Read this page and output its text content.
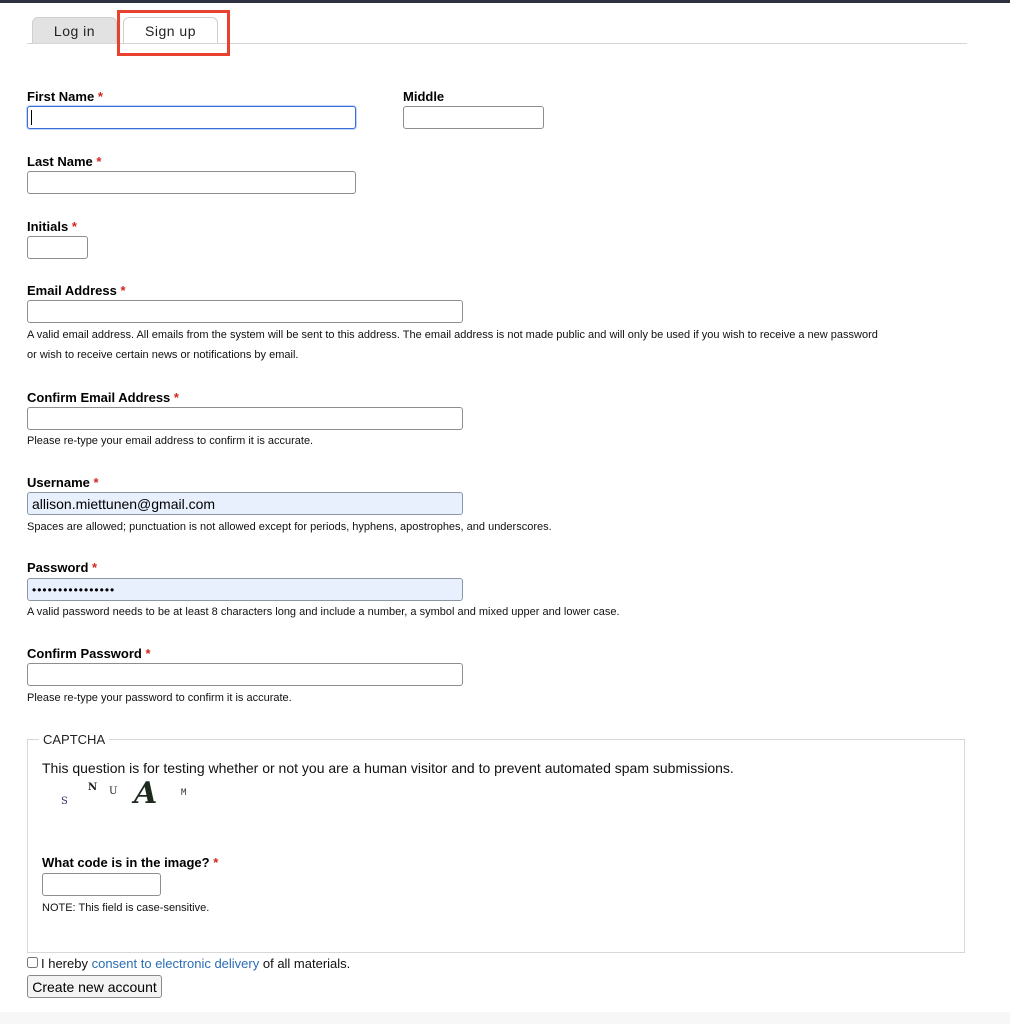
Log in	Sign up
First Name *	Middle
Last Name *
Initials *
Email Address *
A valid email address. All emails from the system will be sent to this address. The email address is not made public and will only be used if you wish to receive a new password
or wish to receive certain news or notifications by email.
Confirm Email Address *
Please re-type your email address to confirm it is accurate.
Username *
allison.miettunen@gmail.com
Spaces are allowed; punctuation is not allowed except for periods, hyphens, apostrophes, and underscores.
Password *
••••••••••••••••
A valid password needs to be at least 8 characters long and include a number, a symbol and mixed upper and lower case.
Confirm Password *
Please re-type your password to confirm it is accurate.
CAPTCHA
This question is for testing whether or not you are a human visitor and to prevent automated spam submissions.
S
N U A	M
What code is in the image? *
NOTE: This field is case-sensitive.
I hereby consent to electronic delivery of all materials.
Create new account
